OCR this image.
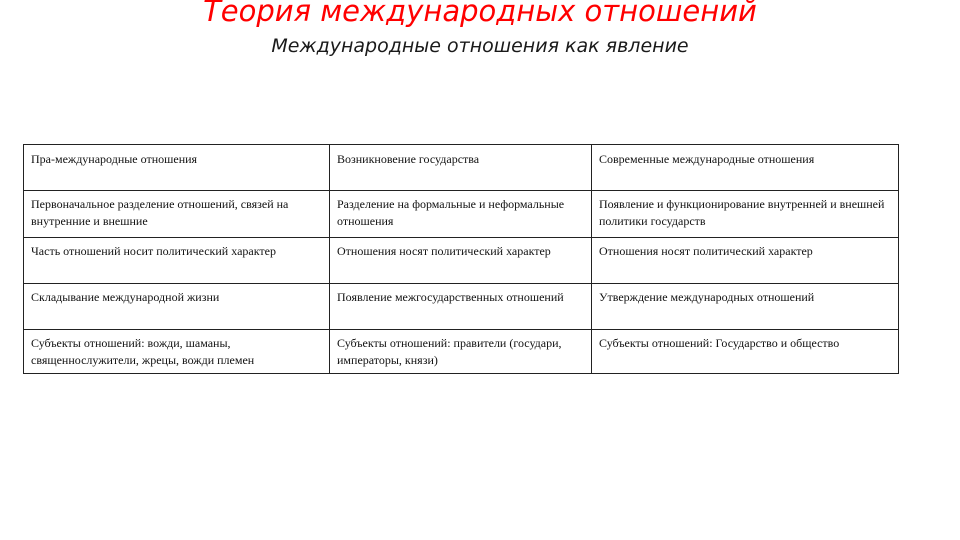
Теория международных отношений
Международные отношения как явление
Пра-международные отношения	Возникновение государства	Современные международные отношения
Первоначальное разделение отношений, связей на внутренние и внешние	Разделение на формальные и неформальные отношения	Появление и функционирование внутренней и внешней политики государств
Часть отношений носит политический характер	Отношения носят политический характер	Отношения носят политический характер
Складывание международной жизни	Появление межгосударственных отношений	Утверждение международных отношений
Субъекты отношений: вожди, шаманы, священнослужители, жрецы, вожди племен	Субъекты отношений: правители (государи, императоры, князи)	Субъекты отношений: Государство и общество
